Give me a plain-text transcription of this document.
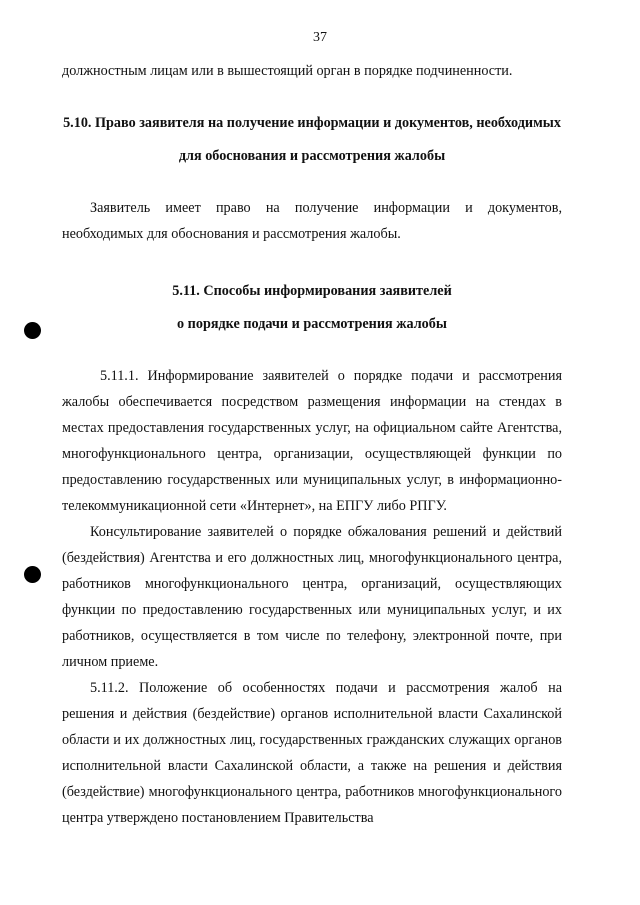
37

должностным лицам или в вышестоящий орган в порядке подчиненности.

5.10. Право заявителя на получение информации и документов, необходимых для обоснования и рассмотрения жалобы

Заявитель имеет право на получение информации и документов, необходимых для обоснования и рассмотрения жалобы.

5.11. Способы информирования заявителей
о порядке подачи и рассмотрения жалобы

5.11.1. Информирование заявителей о порядке подачи и рассмотрения жалобы обеспечивается посредством размещения информации на стендах в местах предоставления государственных услуг, на официальном сайте Агентства, многофункционального центра, организации, осуществляющей функции по предоставлению государственных или муниципальных услуг, в информационно-телекоммуникационной сети «Интернет», на ЕПГУ либо РПГУ.

Консультирование заявителей о порядке обжалования решений и действий (бездействия) Агентства и его должностных лиц, многофункционального центра, работников многофункционального центра, организаций, осуществляющих функции по предоставлению государственных или муниципальных услуг, и их работников, осуществляется в том числе по телефону, электронной почте, при личном приеме.

5.11.2. Положение об особенностях подачи и рассмотрения жалоб на решения и действия (бездействие) органов исполнительной власти Сахалинской области и их должностных лиц, государственных гражданских служащих органов исполнительной власти Сахалинской области, а также на решения и действия (бездействие) многофункционального центра, работников многофункционального центра утверждено постановлением Правительства
